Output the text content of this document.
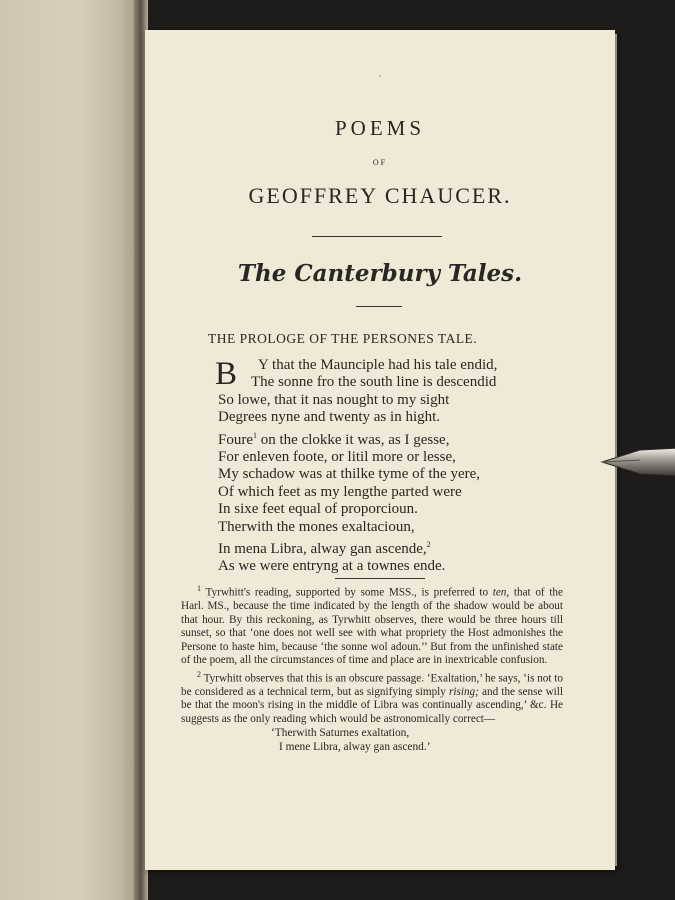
POEMS
OF
GEOFFREY CHAUCER.
The Canterbury Tales.
THE PROLOGE OF THE PERSONES TALE.
B	Y that the Maunciple had his tale endid,
The sonne fro the south line is descendid
So lowe, that it nas nought to my sight
Degrees nyne and twenty as in hight.
Foure$^1$ on the clokke it was, as I gesse,
For enleven foote, or litil more or lesse,
My schadow was at thilke tyme of the yere,
Of which feet as my lengthe parted were
In sixe feet equal of proporcioun.
Therwith the mones exaltacioun,
In mena Libra, alway gan ascende,$^2$
As we were entryng at a townes ende.

$^1$ Tyrwhitt's reading, supported by some MSS., is preferred to ten, that of the Harl. MS., because the time indicated by the length of the shadow would be about that hour. By this reckoning, as Tyrwhitt observes, there would be three hours till sunset, so that ‘one does not well see with what propriety the Host admonishes the Persone to haste him, because ‘the sonne wol adoun.’’ But from the unfinished state of the poem, all the circumstances of time and place are in inextricable confusion.

$^2$ Tyrwhitt observes that this is an obscure passage. ‘Exaltation,’ he says, ‘is not to be considered as a technical term, but as signifying simply rising; and the sense will be that the moon's rising in the middle of Libra was continually ascending,’ &c. He suggests as the only reading which would be astronomically correct—

‘Therwith Saturnes exaltation,
I mene Libra, alway gan ascend.’
